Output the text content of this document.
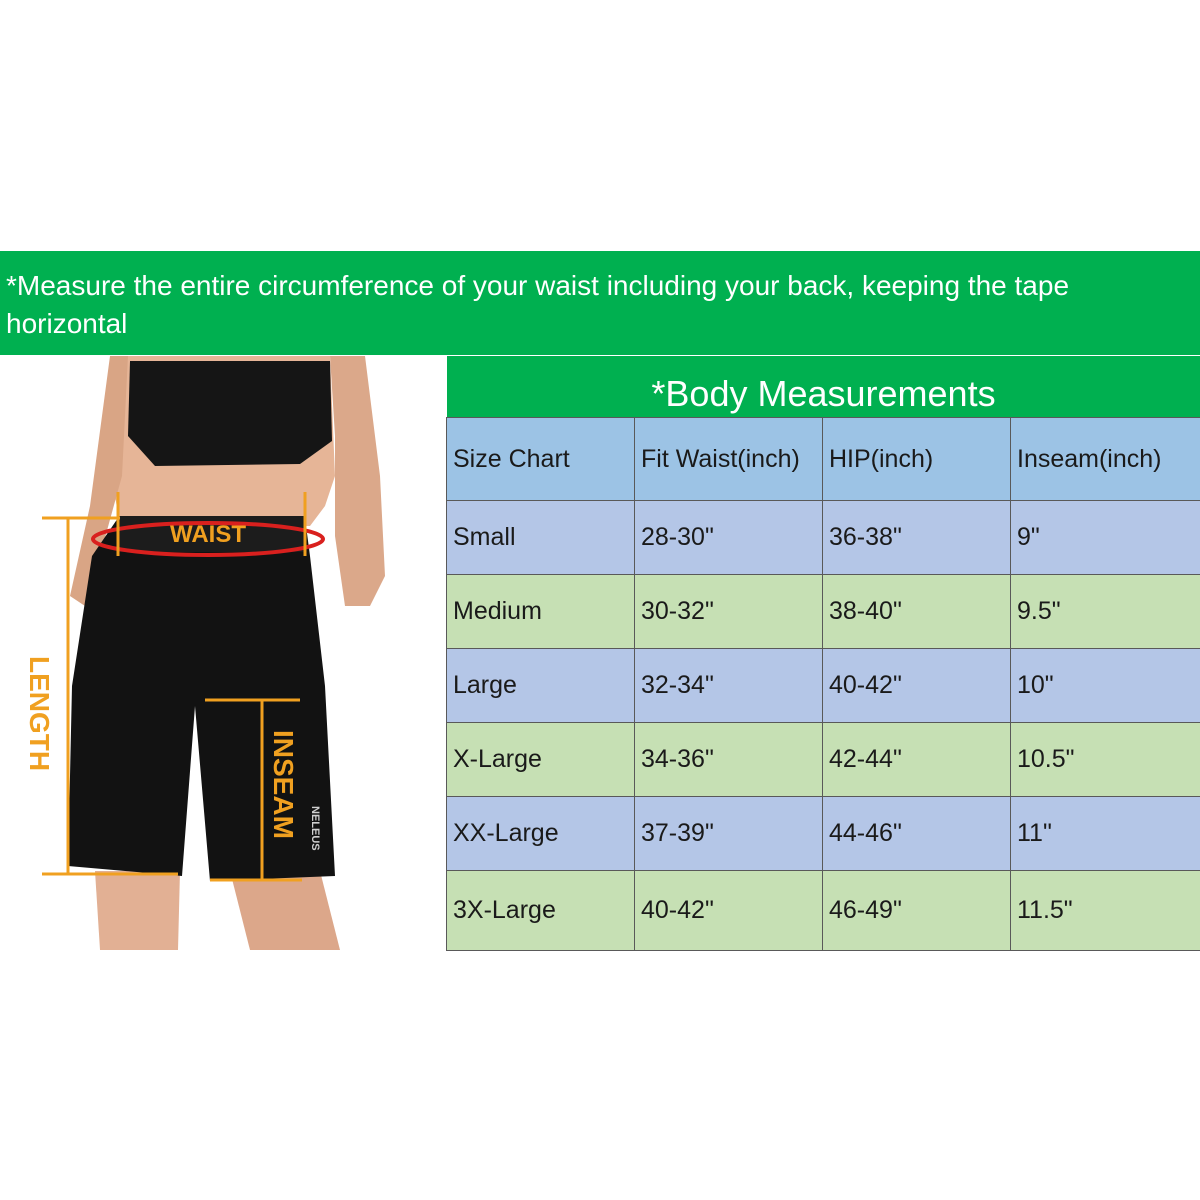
*Measure the entire circumference of your waist including your back, keeping the tape horizontal
WAIST
LENGTH
INSEAM NELEUS
*Body Measurements
Size Chart	Fit Waist(inch)	HIP(inch)	Inseam(inch)
Small	28-30"	36-38"	9"
Medium	30-32"	38-40"	9.5"
Large	32-34"	40-42"	10"
X-Large	34-36"	42-44"	10.5"
XX-Large	37-39"	44-46"	11"
3X-Large	40-42"	46-49"	11.5"
